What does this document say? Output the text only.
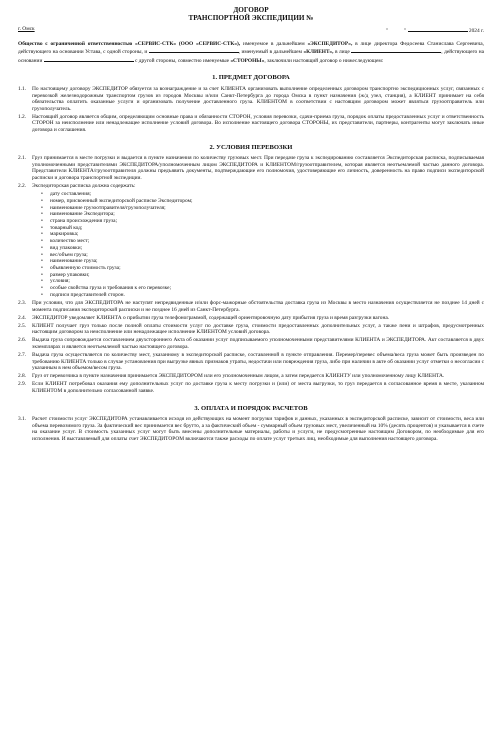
ДОГОВОР
ТРАНСПОРТНОЙ ЭКСПЕДИЦИИ №
г. Омск	"            "	2024 г.
Общество с ограниченной ответственностью «СЕРВИС-СТК» (ООО «СЕРВИС-СТК»), именуемое в дальнейшем «ЭКСПЕДИТОР», в лице директора Федосеева Станислава Сергеевича, действующего на основании Устава, с одной стороны, и	, именуемый в дальнейшем «КЛИЕНТ», в лице	, действующего на основании	с другой стороны, совместно именуемые «СТОРОНЫ», заключили настоящий договор о нижеследующем:
1. ПРЕДМЕТ ДОГОВОРА
1.1.	По настоящему договору ЭКСПЕДИТОР обязуется за вознаграждение и за счет КЛИЕНТА организовать выполнение определенных договором транспортно экспедиционных услуг, связанных с перевозкой железнодорожным транспортом грузов из городов Москвы и/или Санкт-Петербурга до города Омска в пункт назначения (ж/д узел, станция), а КЛИЕНТ принимает на себя обязательства оплатить оказанные услуги и организовать получение доставленного груза. КЛИЕНТОМ в соответствии с настоящим договором может являться грузоотправитель или грузополучатель.
1.2.	Настоящий договор является общим, определяющим основные права и обязанности СТОРОН, условия перевозки, сдачи-приема груза, порядок оплаты предоставленных услуг и ответственность СТОРОН за неисполнение или ненадлежащее исполнение условий договора. Во исполнение настоящего договора СТОРОНЫ, их представители, партнеры, контрагенты могут заключать иные договора и соглашения.
2. УСЛОВИЯ ПЕРЕВОЗКИ
2.1.	Груз принимается в месте погрузки и выдается в пункте назначения по количеству грузовых мест. При передаче груза к экспедированию составляется Экспедиторская расписка, подписываемая уполномоченными представителями ЭКСПЕДИТОРА/уполномоченным лицом ЭКСПЕДИТОРА и КЛИЕНТОМ/грузоотправителем, которая является неотъемлемой частью данного договора. Представители КЛИЕНТА/грузоотправителя должны предъявить документы, подтверждающие его полномочия, удостоверяющие его личность, доверенность на право подписи экспедиторской расписки и договора транспортной экспедиции.
2.2.	Экспедиторская расписка должна содержать:
• дату составления;
• номер, присвоенный экспедиторской расписке Экспедитором;
• наименование грузоотправителя/грузополучателя;
• наименование Экспедитора;
• страна происхождения груза;
• товарный код;
• маркировка;
• количество мест;
• вид упаковки;
• вес/объем груза;
• наименование груза;
• объявленную стоимость груза;
• размер упаковки;
• условия;
• особые свойства груза и требования к его перевозке;
• подписи представителей сторон.
2.3.	При условии, что для ЭКСПЕДИТОРА не наступят непредвиденные и/или форс-мажорные обстоятельства доставка груза из Москвы в место назначения осуществляется не позднее 14 дней с момента подписания экспедиторской расписки и не позднее 16 дней из Санкт-Петербурга.
2.4.	ЭКСПЕДИТОР уведомляет КЛИЕНТА о прибытии груза телефонограммой, содержащей ориентировочную дату прибытия груза и время разгрузки вагона.
2.5.	КЛИЕНТ получает груз только после полной оплаты стоимости услуг по доставке груза, стоимости предоставленных дополнительных услуг, а также пени и штрафов, предусмотренных настоящим договором за неисполнение или ненадлежащее исполнение КЛИЕНТОМ условий договора.
2.6.	Выдача груза сопровождается составлением двухстороннего Акта об оказании услуг подписываемого уполномоченными представителями КЛИЕНТА и ЭКСПЕДИТОРА. Акт составляется в двух экземплярах и является неотъемлемой частью настоящего договора.
2.7.	Выдача груза осуществляется по количеству мест, указанному в экспедиторской расписке, составленной в пункте отправления. Перемер/перевес объема/веса груза может быть произведен по требованию КЛИЕНТА только в случае установления при выгрузке явных признаков утраты, недостачи или повреждения груза, либо при наличии в акте об оказании услуг отметки о несогласии с указанным в нем объемом/весом груза.
2.8.	Груз от перевозчика в пункте назначения принимается ЭКСПЕДИТОРОМ или его уполномоченным лицом, а затем передается КЛИЕНТУ или уполномоченному лицу КЛИЕНТА.
2.9.	Если КЛИЕНТ потребовал оказания ему дополнительных услуг по доставке груза к месту погрузки и (или) от места выгрузки, то груз передается в согласованное время в месте, указанном КЛИЕНТОМ в дополнительно согласованной заявке.
3. ОПЛАТА И ПОРЯДОК РАСЧЕТОВ
3.1.	Расчет стоимости услуг ЭКСПЕДИТОРА устанавливается исходя из действующих на момент погрузки тарифов и данных, указанных в экспедиторской расписке, зависит от стоимости, веса или объема перевозимого груза. За фактический вес принимается вес брутто, а за фактический объем - суммарный объем грузовых мест, увеличенный на 10% (десять процентов) и указывается в счете на оказание услуг. В стоимость указанных услуг могут быть внесены дополнительные материалы, работы и услуги, не предусмотренные настоящим Договором, по необходимые для его исполнения. И выставляемый для оплаты счет ЭКСПЕДИТОРОМ включаются также расходы по оплате услуг третьих лиц, необходимые для выполнения настоящего договора.
